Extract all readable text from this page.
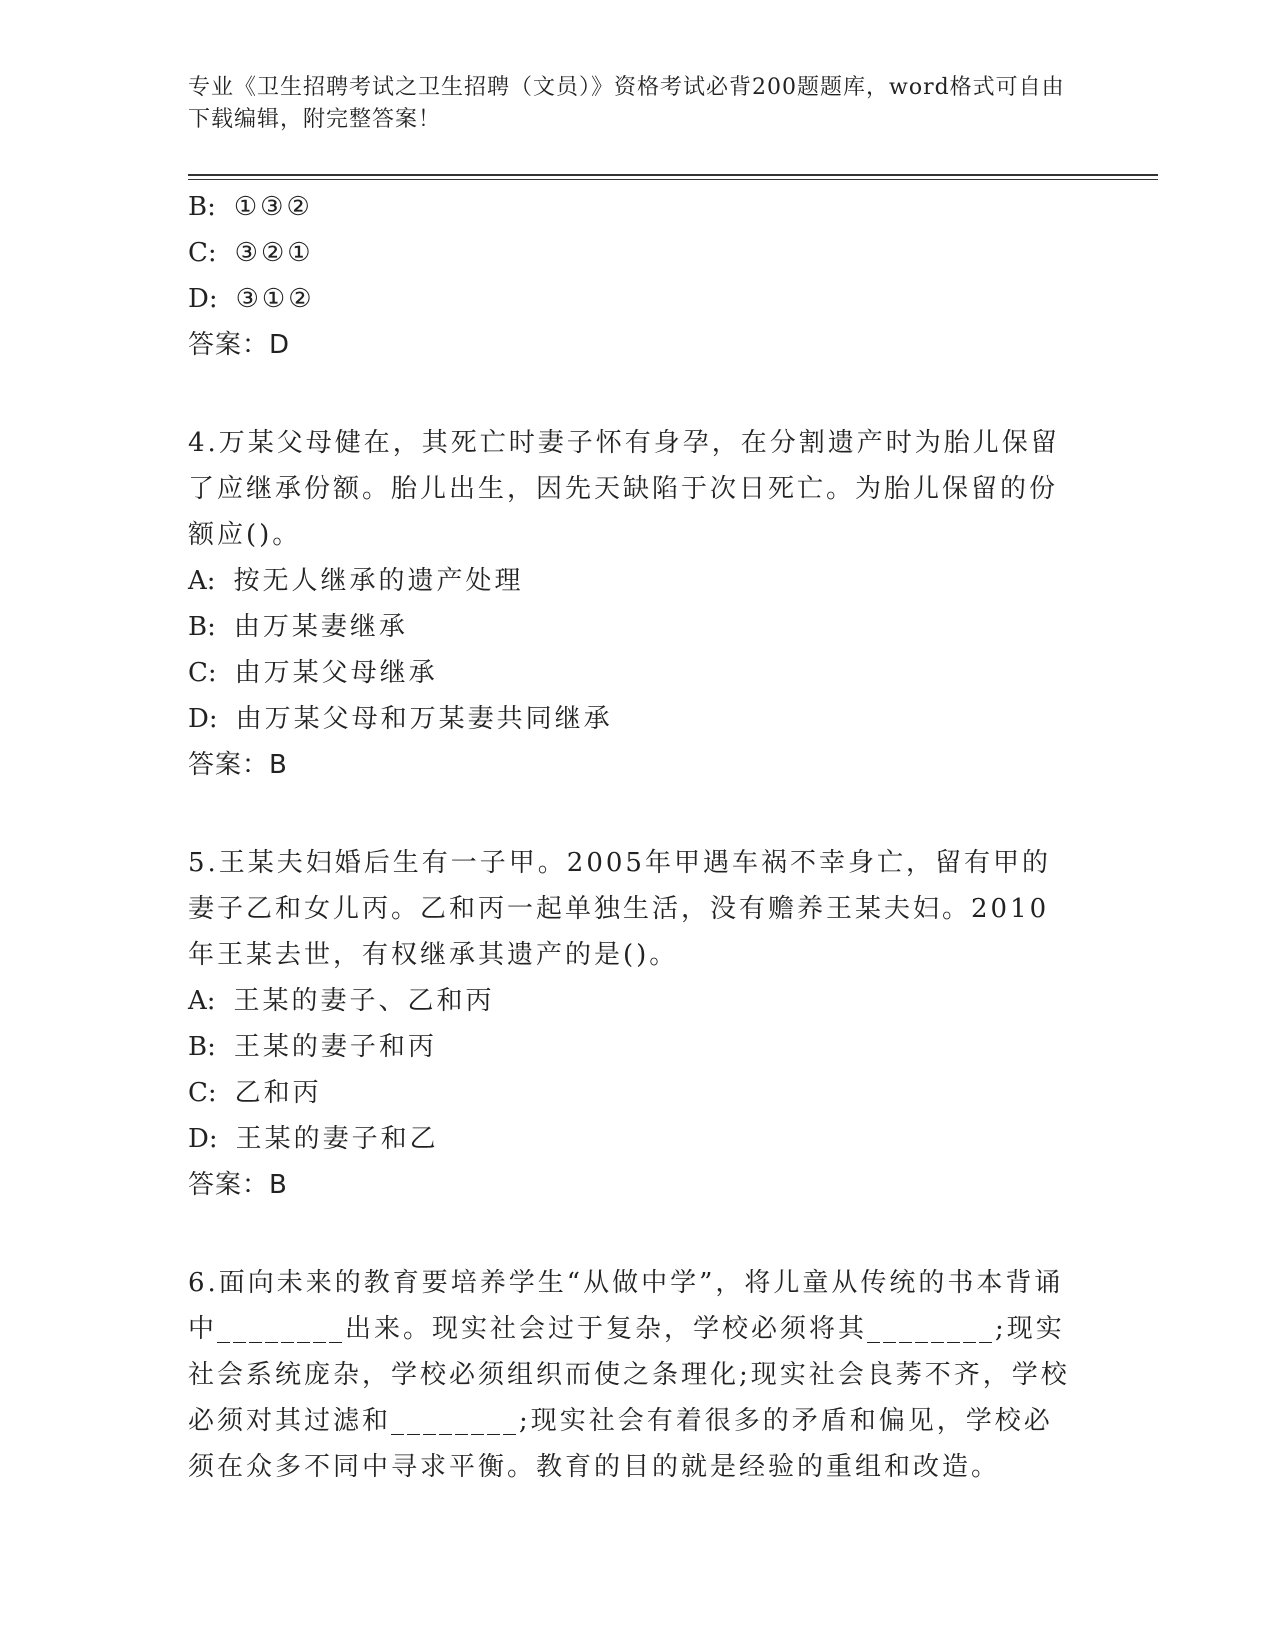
专业《卫生招聘考试之卫生招聘（文员）》资格考试必背200题题库，word格式可自由下载编辑，附完整答案！
B: ①③②
C: ③②①
D: ③①②
答案：D
4.万某父母健在，其死亡时妻子怀有身孕，在分割遗产时为胎儿保留了应继承份额。胎儿出生，因先天缺陷于次日死亡。为胎儿保留的份额应()。
A: 按无人继承的遗产处理
B: 由万某妻继承
C: 由万某父母继承
D: 由万某父母和万某妻共同继承
答案：B
5.王某夫妇婚后生有一子甲。2005年甲遇车祸不幸身亡，留有甲的妻子乙和女儿丙。乙和丙一起单独生活，没有赡养王某夫妇。2010年王某去世，有权继承其遗产的是()。
A: 王某的妻子、乙和丙
B: 王某的妻子和丙
C: 乙和丙
D: 王某的妻子和乙
答案：B
6.面向未来的教育要培养学生“从做中学”，将儿童从传统的书本背诵中________出来。现实社会过于复杂，学校必须将其________;现实社会系统庞杂，学校必须组织而使之条理化;现实社会良莠不齐，学校必须对其过滤和________;现实社会有着很多的矛盾和偏见，学校必须在众多不同中寻求平衡。教育的目的就是经验的重组和改造。
